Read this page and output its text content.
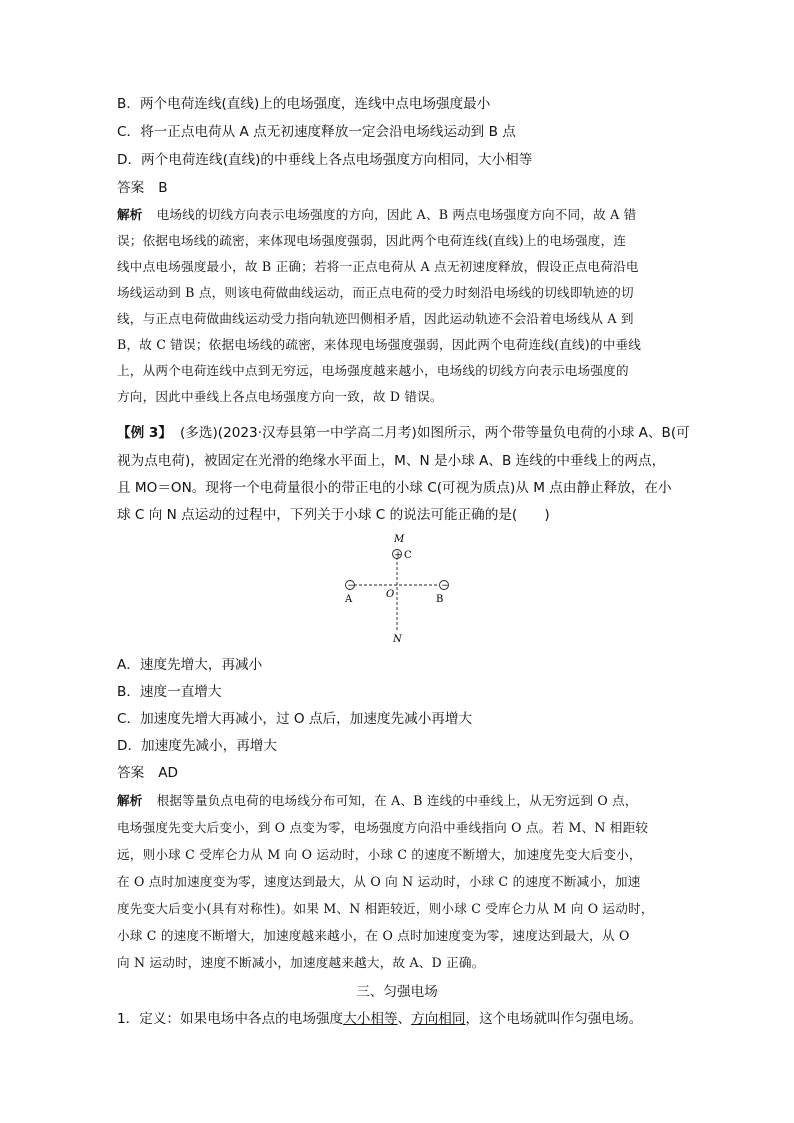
B．两个电荷连线(直线)上的电场强度，连线中点电场强度最小
C．将一正点电荷从 A 点无初速度释放一定会沿电场线运动到 B 点
D．两个电荷连线(直线)的中垂线上各点电场强度方向相同，大小相等
答案 B
解析 电场线的切线方向表示电场强度的方向，因此 A、B 两点电场强度方向不同，故 A 错
误；依据电场线的疏密，来体现电场强度强弱，因此两个电荷连线(直线)上的电场强度，连
线中点电场强度最小，故 B 正确；若将一正点电荷从 A 点无初速度释放，假设正点电荷沿电
场线运动到 B 点，则该电荷做曲线运动，而正点电荷的受力时刻沿电场线的切线即轨迹的切
线，与正点电荷做曲线运动受力指向轨迹凹侧相矛盾，因此运动轨迹不会沿着电场线从 A 到
B，故 C 错误；依据电场线的疏密，来体现电场强度强弱，因此两个电荷连线(直线)的中垂线
上，从两个电荷连线中点到无穷远，电场强度越来越小，电场线的切线方向表示电场强度的
方向，因此中垂线上各点电场强度方向一致，故 D 错误。
【例 3】 (多选)(2023·汉寿县第一中学高二月考)如图所示，两个带等量负电荷的小球 A、B(可
视为点电荷)，被固定在光滑的绝缘水平面上，M、N 是小球 A、B 连线的中垂线上的两点，
且 MO＝ON。现将一个电荷量很小的带正电的小球 C(可视为质点)从 M 点由静止释放，在小
球 C 向 N 点运动的过程中，下列关于小球 C 的说法可能正确的是(　　)
M
+ C
−
A	O
−
B
N
A．速度先增大，再减小
B．速度一直增大
C．加速度先增大再减小，过 O 点后，加速度先减小再增大
D．加速度先减小，再增大
答案 AD
解析 根据等量负点电荷的电场线分布可知，在 A、B 连线的中垂线上，从无穷远到 O 点，
电场强度先变大后变小，到 O 点变为零，电场强度方向沿中垂线指向 O 点。若 M、N 相距较
远，则小球 C 受库仑力从 M 向 O 运动时，小球 C 的速度不断增大，加速度先变大后变小，
在 O 点时加速度变为零，速度达到最大，从 O 向 N 运动时，小球 C 的速度不断减小，加速
度先变大后变小(具有对称性)。如果 M、N 相距较近，则小球 C 受库仑力从 M 向 O 运动时，
小球 C 的速度不断增大，加速度越来越小，在 O 点时加速度变为零，速度达到最大，从 O
向 N 运动时，速度不断减小，加速度越来越大，故 A、D 正确。
三、匀强电场
1．定义：如果电场中各点的电场强度大小相等、方向相同，这个电场就叫作匀强电场。
